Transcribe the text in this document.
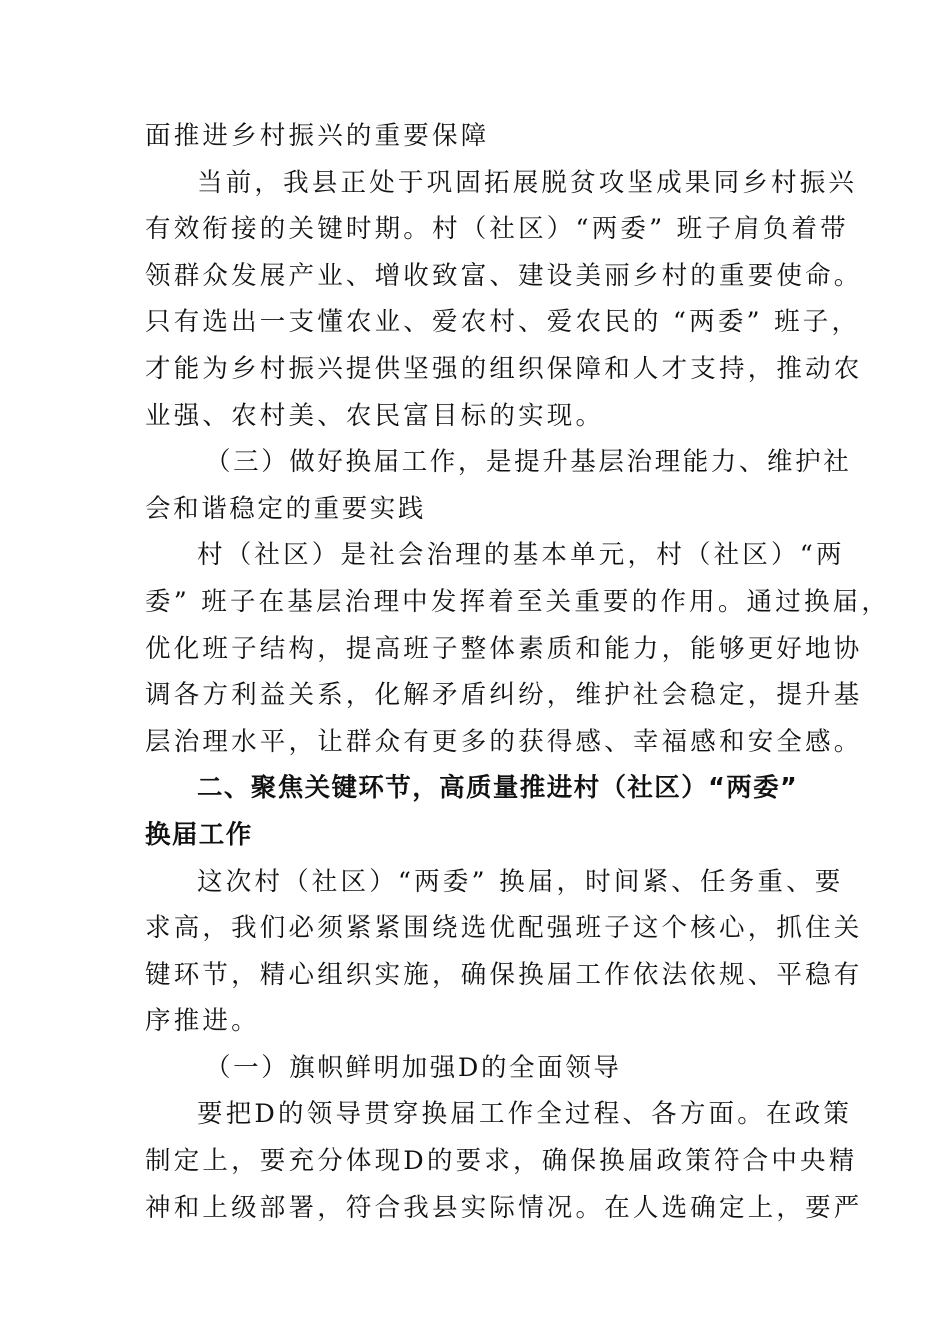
面推进乡村振兴的重要保障
当前，我县正处于巩固拓展脱贫攻坚成果同乡村振兴
有效衔接的关键时期。村（社区）“两委” 班子肩负着带
领群众发展产业、增收致富、建设美丽乡村的重要使命。
只有选出一支懂农业、爱农村、爱农民的 “两委” 班子，
才能为乡村振兴提供坚强的组织保障和人才支持，推动农
业强、农村美、农民富目标的实现。
（三）做好换届工作，是提升基层治理能力、维护社
会和谐稳定的重要实践
村（社区）是社会治理的基本单元，村（社区）“两
委” 班子在基层治理中发挥着至关重要的作用。通过换届，
优化班子结构，提高班子整体素质和能力，能够更好地协
调各方利益关系，化解矛盾纠纷，维护社会稳定，提升基
层治理水平，让群众有更多的获得感、幸福感和安全感。
二、聚焦关键环节，高质量推进村（社区）“两委”
换届工作
这次村（社区）“两委” 换届，时间紧、任务重、要
求高，我们必须紧紧围绕选优配强班子这个核心，抓住关
键环节，精心组织实施，确保换届工作依法依规、平稳有
序推进。
（一）旗帜鲜明加强D的全面领导
要把D的领导贯穿换届工作全过程、各方面。在政策
制定上，要充分体现D的要求，确保换届政策符合中央精
神和上级部署，符合我县实际情况。在人选确定上，要严
